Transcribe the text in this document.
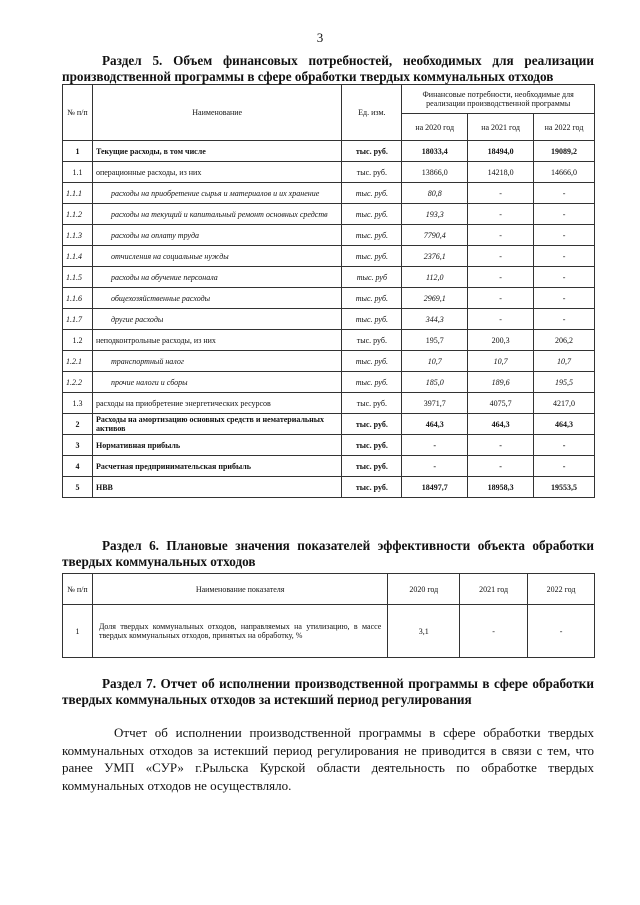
3
Раздел 5. Объем финансовых потребностей, необходимых для реализации производственной программы в сфере обработки твердых коммунальных отходов
№ п/п	Наименование	Ед. изм.	Финансовые потребности, необходимые для реализации производственной программы		
			на 2020 год	на 2021 год	на 2022 год
1	Текущие расходы, в том числе	тыс. руб.	18033,4	18494,0	19089,2
1.1	операционные расходы, из них	тыс. руб.	13866,0	14218,0	14666,0
1.1.1	расходы на приобретение сырья и материалов и их хранение	тыс. руб.	80,8	-	-
1.1.2	расходы на текущий и капитальный ремонт основных средств	тыс. руб.	193,3	-	-
1.1.3	расходы на оплату труда	тыс. руб.	7790,4	-	-
1.1.4	отчисления на социальные нужды	тыс. руб.	2376,1	-	-
1.1.5	расходы на обучение персонала	тыс. руб	112,0	-	-
1.1.6	общехозяйственные расходы	тыс. руб.	2969,1	-	-
1.1.7	другие расходы	тыс. руб.	344,3	-	-
1.2	неподконтрольные расходы, из них	тыс. руб.	195,7	200,3	206,2
1.2.1	транспортный налог	тыс. руб.	10,7	10,7	10,7
1.2.2	прочие налоги и сборы	тыс. руб.	185,0	189,6	195,5
1.3	расходы на приобретение энергетических ресурсов	тыс. руб.	3971,7	4075,7	4217,0
2	Расходы на амортизацию основных средств и нематериальных активов	тыс. руб.	464,3	464,3	464,3
3	Нормативная прибыль	тыс. руб.	-	-	-
4	Расчетная предпринимательская прибыль	тыс. руб.	-	-	-
5	НВВ	тыс. руб.	18497,7	18958,3	19553,5
Раздел 6. Плановые значения показателей эффективности объекта обработки твердых коммунальных отходов
№ п/п	Наименование показателя	2020 год	2021 год	2022 год
1	Доля твердых коммунальных отходов, направляемых на утилизацию, в массе твердых коммунальных отходов, принятых на обработку, %	3,1	-	-
Раздел 7. Отчет об исполнении производственной программы в сфере обработки твердых коммунальных отходов за истекший период регулирования
Отчет об исполнении производственной программы в сфере обработки твердых коммунальных отходов за истекший период регулирования не приводится в связи с тем, что ранее УМП «СУР» г.Рыльска Курской области деятельность по обработке твердых коммунальных отходов не осуществляло.
